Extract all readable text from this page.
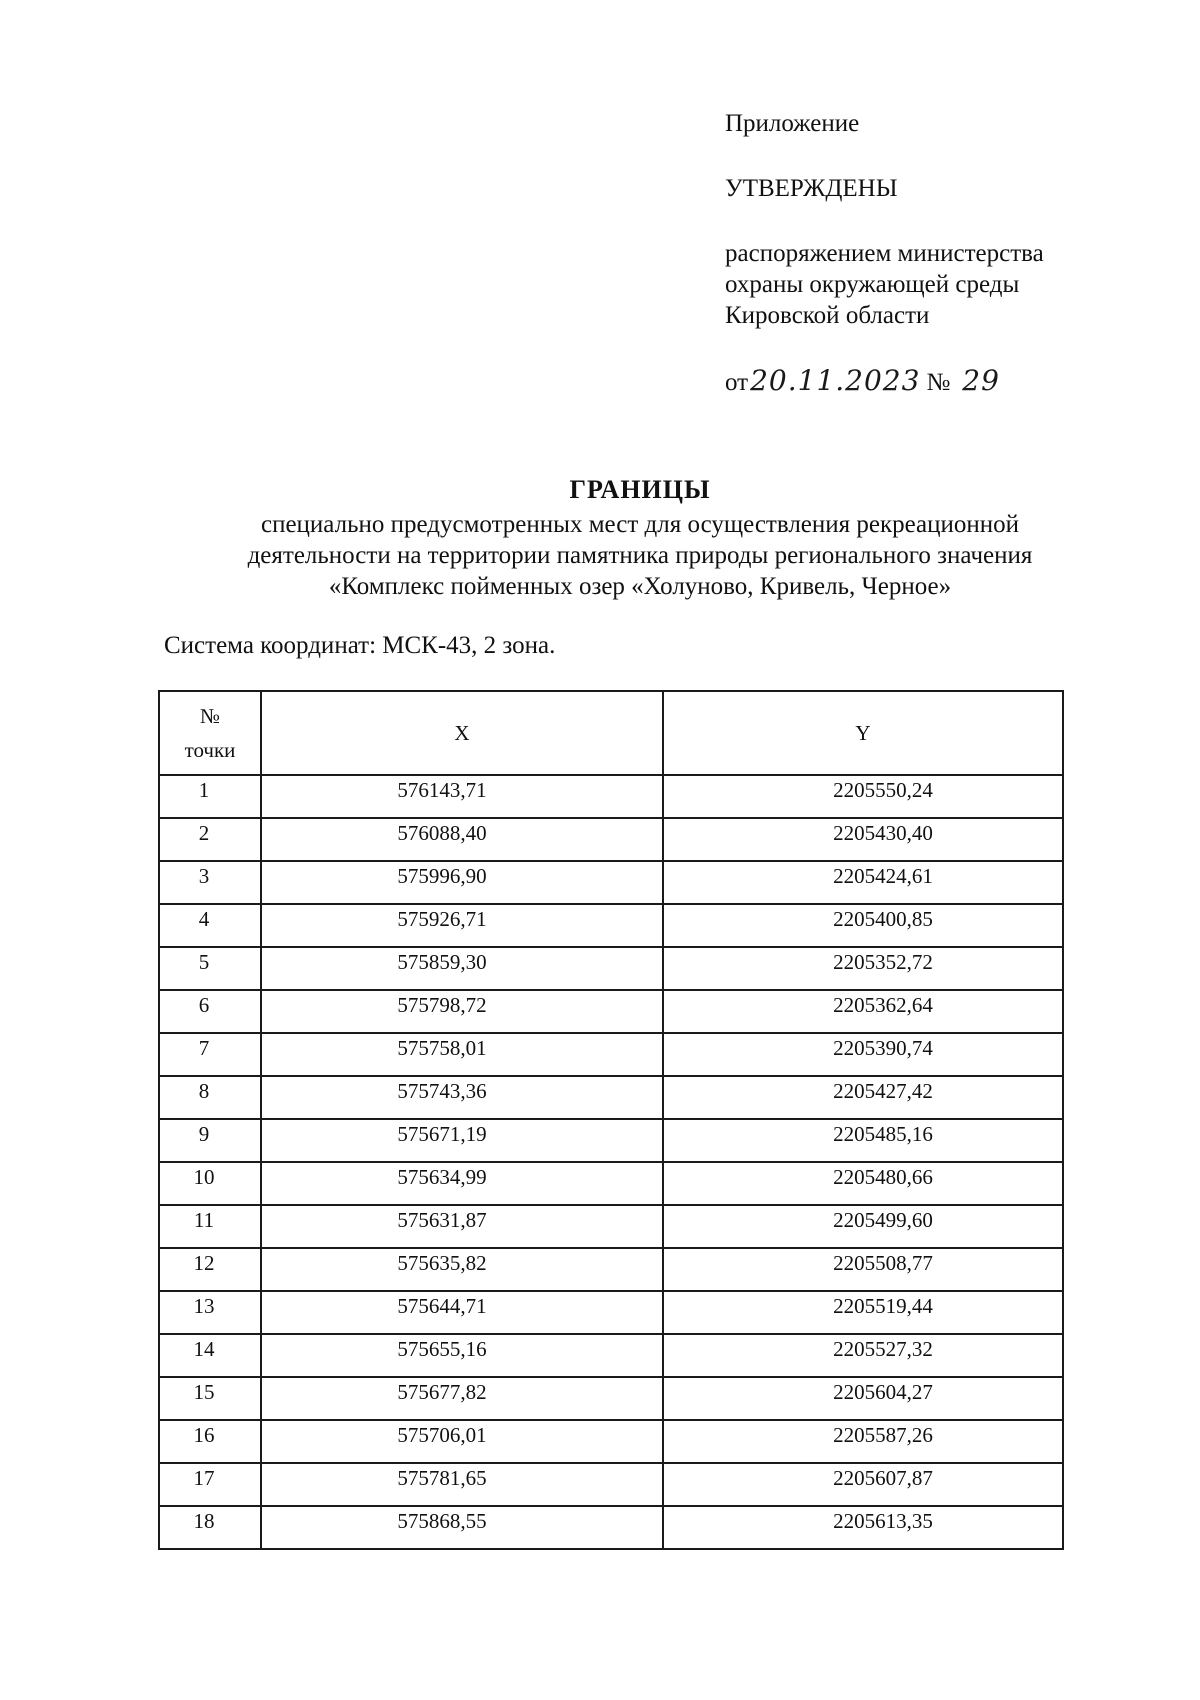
Приложение

УТВЕРЖДЕНЫ

распоряжением министерства

охраны окружающей среды

Кировской области

от 20.11.2023 № 29
ГРАНИЦЫ

специально предусмотренных мест для осуществления рекреационной

деятельности на территории памятника природы регионального значения

«Комплекс пойменных озер «Холуново, Кривель, Черное»

Система координат: МСК-43, 2 зона.
№
точки	X	Y
1	576143,71	2205550,24
2	576088,40	2205430,40
3	575996,90	2205424,61
4	575926,71	2205400,85
5	575859,30	2205352,72
6	575798,72	2205362,64
7	575758,01	2205390,74
8	575743,36	2205427,42
9	575671,19	2205485,16
10	575634,99	2205480,66
11	575631,87	2205499,60
12	575635,82	2205508,77
13	575644,71	2205519,44
14	575655,16	2205527,32
15	575677,82	2205604,27
16	575706,01	2205587,26
17	575781,65	2205607,87
18	575868,55	2205613,35
